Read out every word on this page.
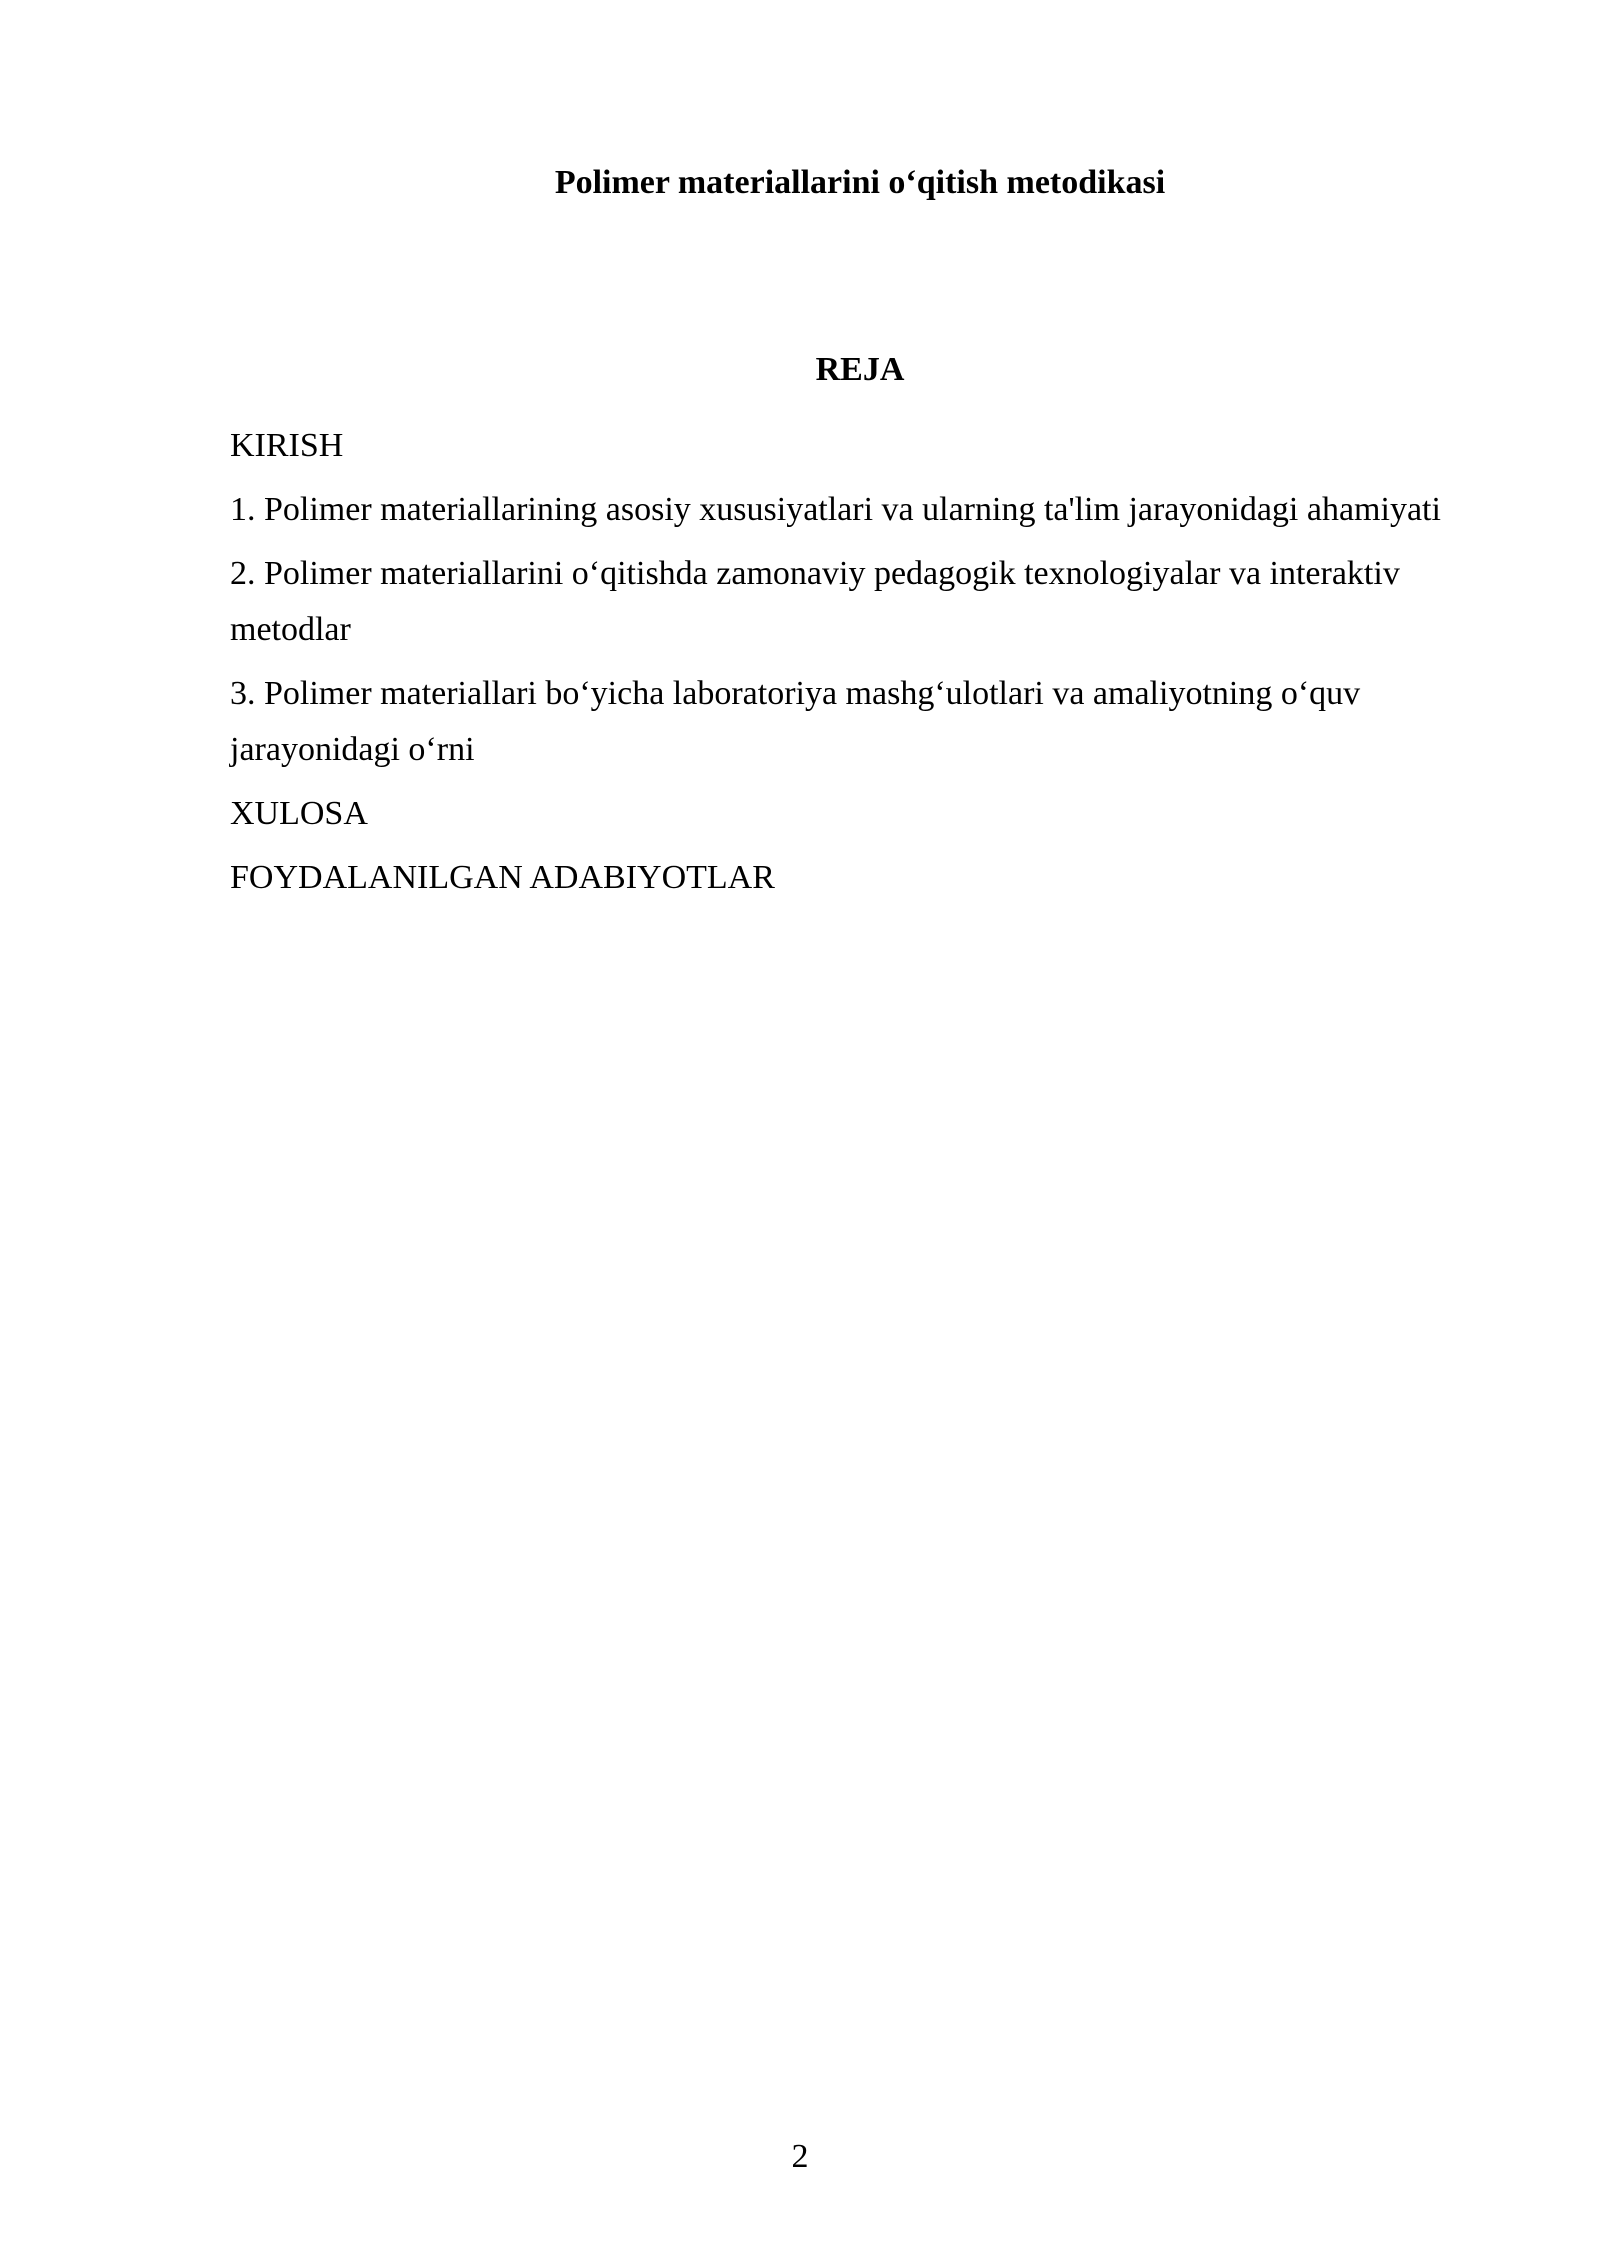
Polimer materiallarini o‘qitish metodikasi
REJA
KIRISH
1. Polimer materiallarining asosiy xususiyatlari va ularning ta'lim jarayonidagi ahamiyati
2. Polimer materiallarini o‘qitishda zamonaviy pedagogik texnologiyalar va interaktiv metodlar
3. Polimer materiallari bo‘yicha laboratoriya mashg‘ulotlari va amaliyotning o‘quv jarayonidagi o‘rni
XULOSA
FOYDALANILGAN ADABIYOTLAR

2
